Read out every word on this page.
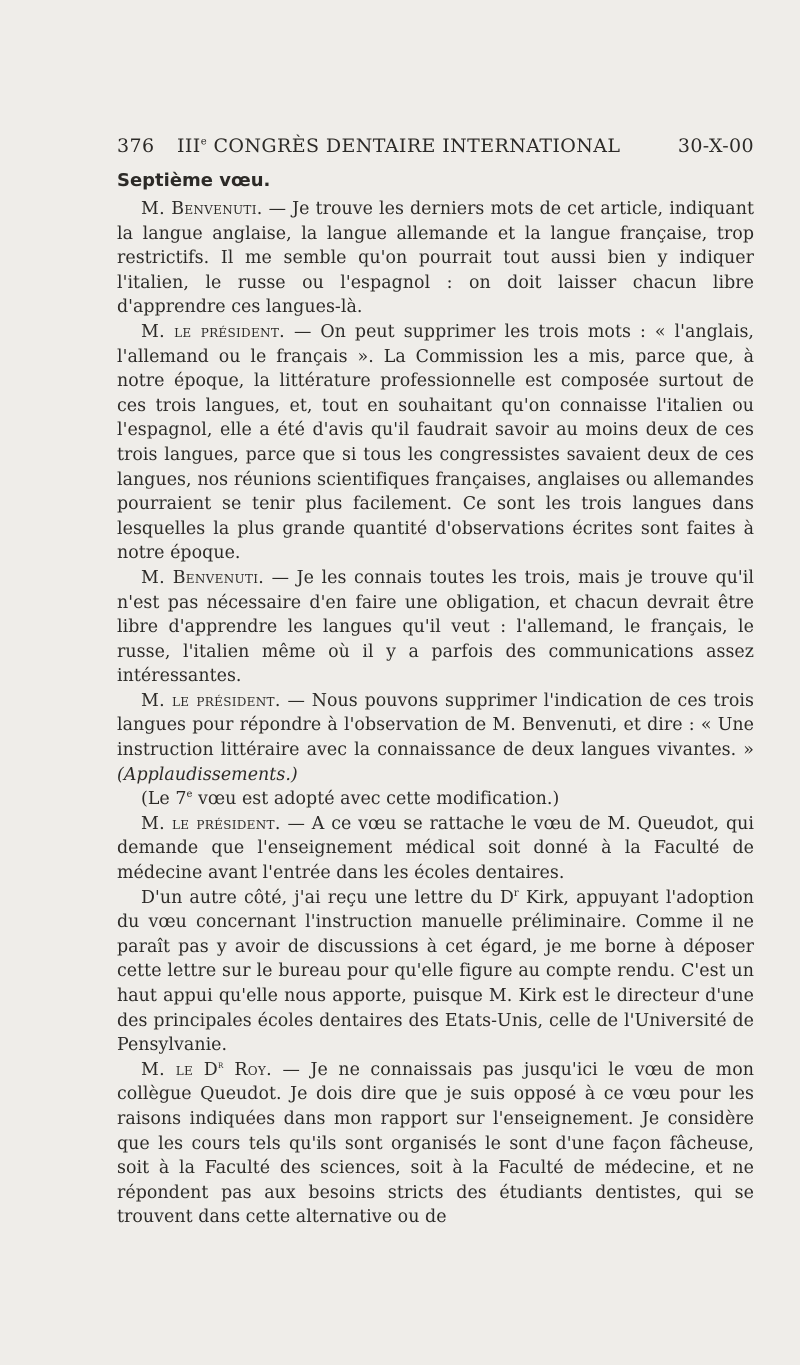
376	IIIe CONGRÈS DENTAIRE INTERNATIONAL	30-X-00
Septième vœu.

M. Benvenuti. — Je trouve les derniers mots de cet article, indiquant la langue anglaise, la langue allemande et la langue française, trop restrictifs. Il me semble qu'on pourrait tout aussi bien y indiquer l'italien, le russe ou l'espagnol : on doit laisser chacun libre d'apprendre ces langues-là.

M. le président. — On peut supprimer les trois mots : « l'anglais, l'allemand ou le français ». La Commission les a mis, parce que, à notre époque, la littérature professionnelle est composée surtout de ces trois langues, et, tout en souhaitant qu'on connaisse l'italien ou l'espagnol, elle a été d'avis qu'il faudrait savoir au moins deux de ces trois langues, parce que si tous les congressistes savaient deux de ces langues, nos réunions scientifiques françaises, anglaises ou allemandes pourraient se tenir plus facilement. Ce sont les trois langues dans lesquelles la plus grande quantité d'observations écrites sont faites à notre époque.

M. Benvenuti. — Je les connais toutes les trois, mais je trouve qu'il n'est pas nécessaire d'en faire une obligation, et chacun devrait être libre d'apprendre les langues qu'il veut : l'allemand, le français, le russe, l'italien même où il y a parfois des communications assez intéressantes.

M. le président. — Nous pouvons supprimer l'indication de ces trois langues pour répondre à l'observation de M. Benvenuti, et dire : « Une instruction littéraire avec la connaissance de deux langues vivantes. » (Applaudissements.)

(Le 7e vœu est adopté avec cette modification.)

M. le président. — A ce vœu se rattache le vœu de M. Queudot, qui demande que l'enseignement médical soit donné à la Faculté de médecine avant l'entrée dans les écoles dentaires.

D'un autre côté, j'ai reçu une lettre du $D^r$ Kirk, appuyant l'adoption du vœu concernant l'instruction manuelle préliminaire. Comme il ne paraît pas y avoir de discussions à cet égard, je me borne à déposer cette lettre sur le bureau pour qu'elle figure au compte rendu. C'est un haut appui qu'elle nous apporte, puisque M. Kirk est le directeur d'une des principales écoles dentaires des Etats-Unis, celle de l'Université de Pensylvanie.

M. le $D^r$ Roy. — Je ne connaissais pas jusqu'ici le vœu de mon collègue Queudot. Je dois dire que je suis opposé à ce vœu pour les raisons indiquées dans mon rapport sur l'enseignement. Je considère que les cours tels qu'ils sont organisés le sont d'une façon fâcheuse, soit à la Faculté des sciences, soit à la Faculté de médecine, et ne répondent pas aux besoins stricts des étudiants dentistes, qui se trouvent dans cette alternative ou de
